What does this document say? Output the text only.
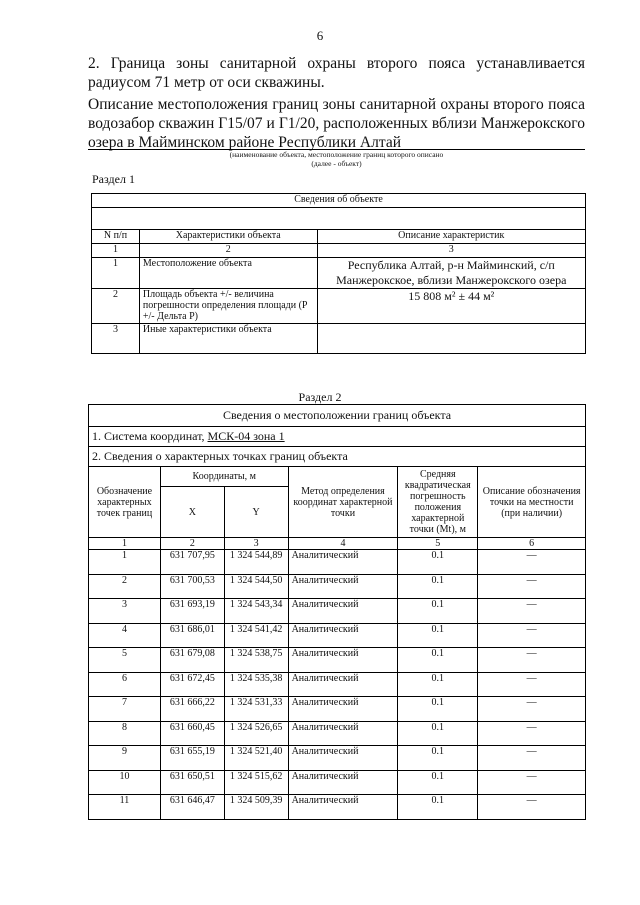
6
2. Граница зоны санитарной охраны второго пояса устанавливается радиусом 71 метр от оси скважины.
Описание местоположения границ зоны санитарной охраны второго пояса водозабор скважин Г15/07 и Г1/20, расположенных вблизи Манжерокского озера в Майминском районе Республики Алтай
(наименование объекта, местоположение границ которого описано
(далее - объект)
Раздел 1
Сведения об объекте		

N п/п	Характеристики объекта	Описание характеристик
1	2	3
1	Местоположение объекта	Республика Алтай, р-н Майминский, с/п Манжерокское, вблизи Манжерокского озера
2	Площадь объекта +/- величина погрешности определения площади (Р +/- Дельта Р)	15 808 м² ± 44 м²
3	Иные характеристики объекта	
Раздел 2
Сведения о местоположении границ объекта					
1. Система координат, МСК-04 зона 1					
2. Сведения о характерных точках границ объекта					
Обозначение характерных точек границ	Координаты, м		Метод определения координат характерной точки	Средняя квадратическая погрешность положения характерной точки (Mt), м	Описание обозначения точки на местности (при наличии)
	X	Y			
1	2	3	4	5	6
1	631 707,95	1 324 544,89	Аналитический	0.1	—
2	631 700,53	1 324 544,50	Аналитический	0.1	—
3	631 693,19	1 324 543,34	Аналитический	0.1	—
4	631 686,01	1 324 541,42	Аналитический	0.1	—
5	631 679,08	1 324 538,75	Аналитический	0.1	—
6	631 672,45	1 324 535,38	Аналитический	0.1	—
7	631 666,22	1 324 531,33	Аналитический	0.1	—
8	631 660,45	1 324 526,65	Аналитический	0.1	—
9	631 655,19	1 324 521,40	Аналитический	0.1	—
10	631 650,51	1 324 515,62	Аналитический	0.1	—
11	631 646,47	1 324 509,39	Аналитический	0.1	—
